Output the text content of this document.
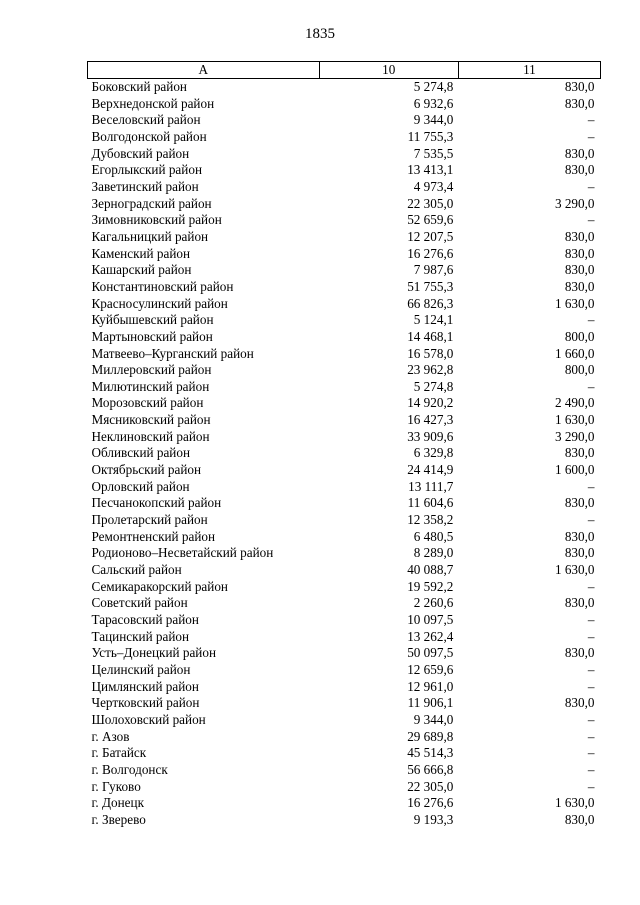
1835
А	10	11
Боковский район	5 274,8	830,0
Верхнедонской район	6 932,6	830,0
Веселовский район	9 344,0	–
Волгодонской район	11 755,3	–
Дубовский район	7 535,5	830,0
Егорлыкский район	13 413,1	830,0
Заветинский район	4 973,4	–
Зерноградский район	22 305,0	3 290,0
Зимовниковский район	52 659,6	–
Кагальницкий район	12 207,5	830,0
Каменский район	16 276,6	830,0
Кашарский район	7 987,6	830,0
Константиновский район	51 755,3	830,0
Красносулинский район	66 826,3	1 630,0
Куйбышевский район	5 124,1	–
Мартыновский район	14 468,1	800,0
Матвеево–Курганский район	16 578,0	1 660,0
Миллеровский район	23 962,8	800,0
Милютинский район	5 274,8	–
Морозовский район	14 920,2	2 490,0
Мясниковский район	16 427,3	1 630,0
Неклиновский район	33 909,6	3 290,0
Обливский район	6 329,8	830,0
Октябрьский район	24 414,9	1 600,0
Орловский район	13 111,7	–
Песчанокопский район	11 604,6	830,0
Пролетарский район	12 358,2	–
Ремонтненский район	6 480,5	830,0
Родионово–Несветайский район	8 289,0	830,0
Сальский район	40 088,7	1 630,0
Семикаракорский район	19 592,2	–
Советский район	2 260,6	830,0
Тарасовский район	10 097,5	–
Тацинский район	13 262,4	–
Усть–Донецкий район	50 097,5	830,0
Целинский район	12 659,6	–
Цимлянский район	12 961,0	–
Чертковский район	11 906,1	830,0
Шолоховский район	9 344,0	–
г. Азов	29 689,8	–
г. Батайск	45 514,3	–
г. Волгодонск	56 666,8	–
г. Гуково	22 305,0	–
г. Донецк	16 276,6	1 630,0
г. Зверево	9 193,3	830,0
